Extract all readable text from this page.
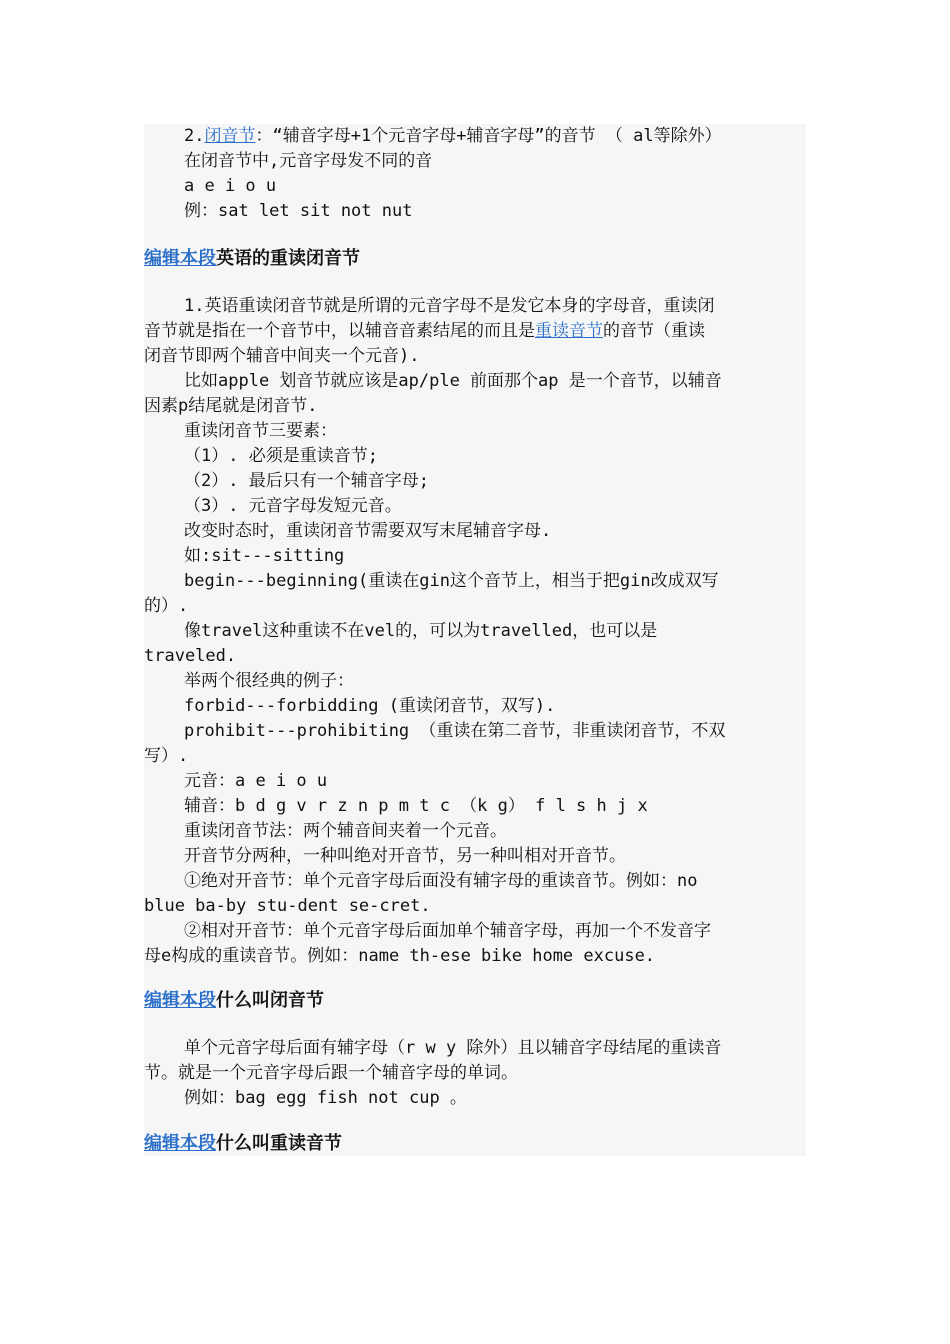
2.闭音节：“辅音字母+1个元音字母+辅音字母”的音节 （ al等除外）

在闭音节中,元音字母发不同的音

a e i o u

例：sat let sit not nut

编辑本段英语的重读闭音节

1.英语重读闭音节就是所谓的元音字母不是发它本身的字母音，重读闭

音节就是指在一个音节中，以辅音音素结尾的而且是重读音节的音节（重读

闭音节即两个辅音中间夹一个元音).

比如apple 划音节就应该是ap/ple 前面那个ap 是一个音节，以辅音

因素p结尾就是闭音节.

重读闭音节三要素：

（1）. 必须是重读音节;

（2）. 最后只有一个辅音字母;

（3）. 元音字母发短元音。

改变时态时，重读闭音节需要双写末尾辅音字母.

如:sit---sitting

begin---beginning(重读在gin这个音节上，相当于把gin改成双写

的）.

像travel这种重读不在vel的，可以为travelled，也可以是

traveled.

举两个很经典的例子：

forbid---forbidding (重读闭音节，双写).

prohibit---prohibiting （重读在第二音节，非重读闭音节，不双

写）.

元音：a e i o u

辅音：b d g v r z n p m t c （k g） f l s h j x

重读闭音节法：两个辅音间夹着一个元音。

开音节分两种，一种叫绝对开音节，另一种叫相对开音节。

①绝对开音节：单个元音字母后面没有辅字母的重读音节。例如：no

blue ba-by stu-dent se-cret.

②相对开音节：单个元音字母后面加单个辅音字母，再加一个不发音字

母e构成的重读音节。例如：name th-ese bike home excuse.

编辑本段什么叫闭音节

单个元音字母后面有辅字母（r w y 除外）且以辅音字母结尾的重读音

节。就是一个元音字母后跟一个辅音字母的单词。

例如：bag egg fish not cup 。

编辑本段什么叫重读音节
